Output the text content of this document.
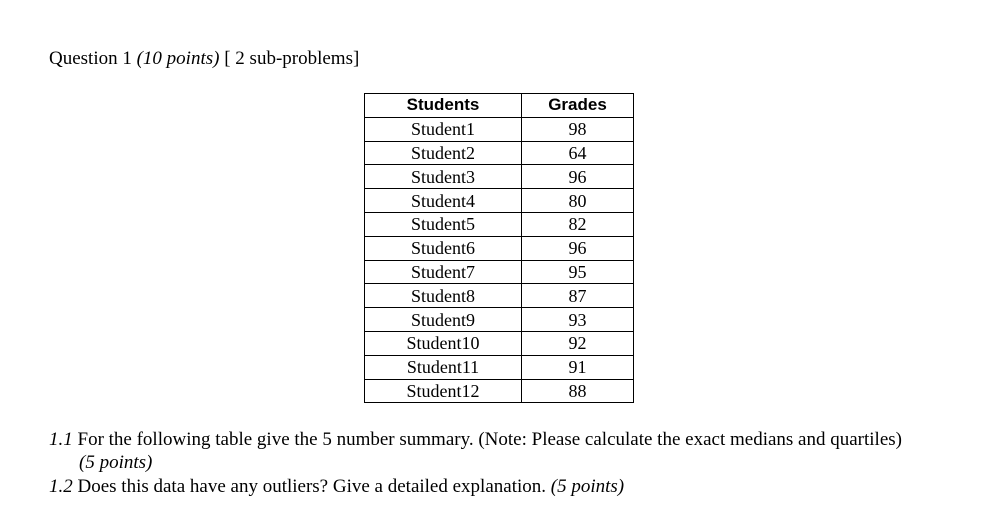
Question 1 (10 points) [ 2 sub-problems]
Students	Grades
Student1	98
Student2	64
Student3	96
Student4	80
Student5	82
Student6	96
Student7	95
Student8	87
Student9	93
Student10	92
Student11	91
Student12	88
1.1 For the following table give the 5 number summary. (Note: Please calculate the exact medians and quartiles)
(5 points)
1.2 Does this data have any outliers? Give a detailed explanation. (5 points)
